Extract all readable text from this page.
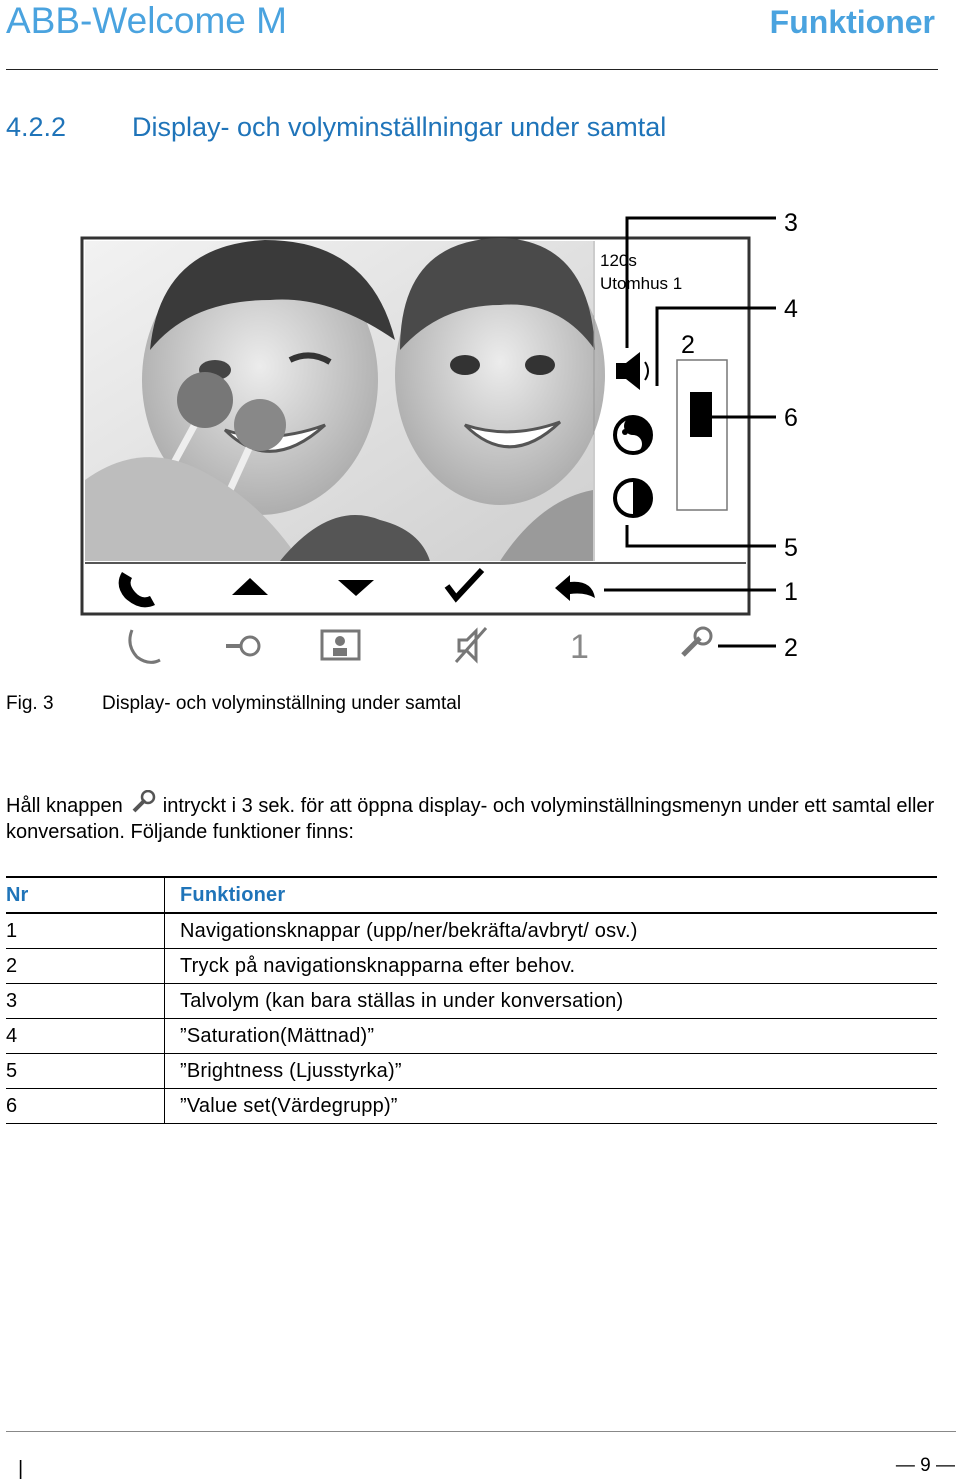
ABB-Welcome M	Funktioner
4.2.2 Display- och volyminställningar under samtal
120s
Utomhus 1
1
3
4
2
6
5
1
2
Fig. 3	Display- och volyminställning under samtal
Håll knappen intryckt i 3 sek. för att öppna display- och volyminställningsmenyn under ett samtal eller konversation. Följande funktioner finns:
Nr	Funktioner
1	Navigationsknappar (upp/ner/bekräfta/avbryt/ osv.)
2	Tryck på navigationsknapparna efter behov.
3	Talvolym (kan bara ställas in under konversation)
4	”Saturation(Mättnad)”
5	”Brightness (Ljusstyrka)”
6	”Value set(Värdegrupp)”
|	— 9 —
